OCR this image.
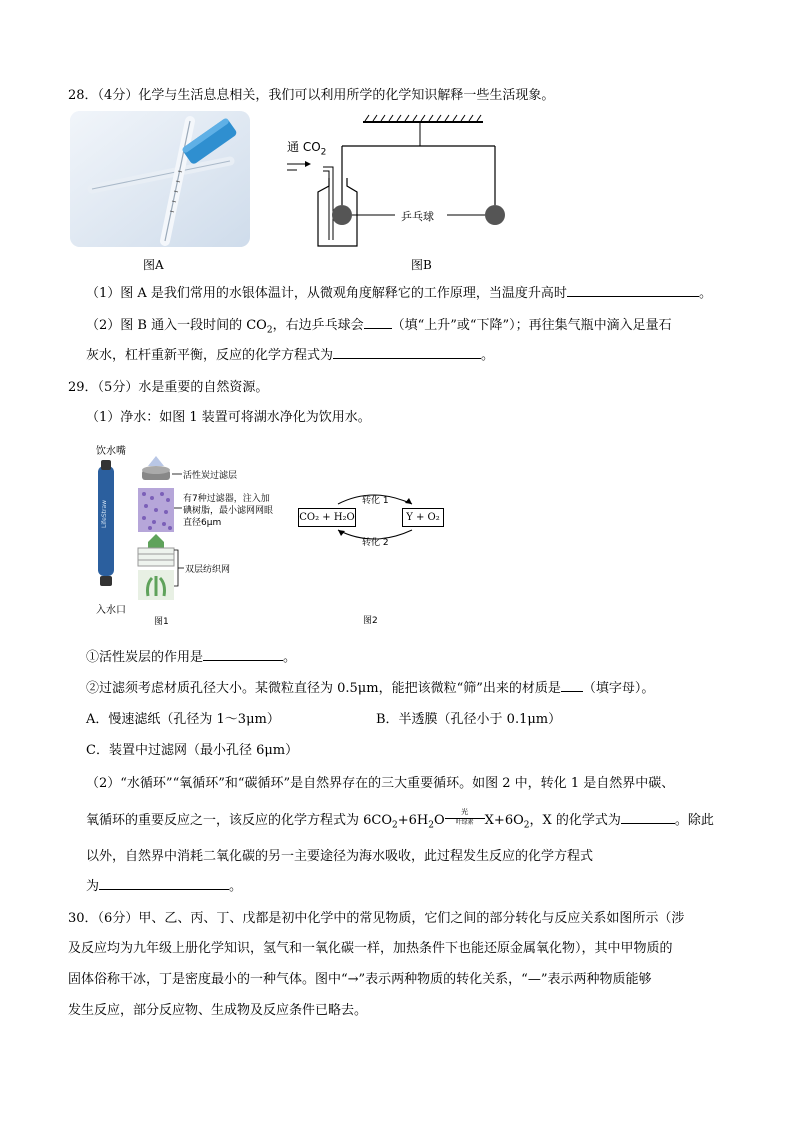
28．（4分）化学与生活息息相关，我们可以利用所学的化学知识解释一些生活现象。
图A
通 $CO_2$
乒乓球
图B
（1）图 A 是我们常用的水银体温计，从微观角度解释它的工作原理，当温度升高时	。
（2）图 B 通入一段时间的 $CO_2$，右边乒乓球会 （填“上升”或“下降”）；再往集气瓶中滴入足量石
灰水，杠杆重新平衡，反应的化学方程式为	。
29．（5分）水是重要的自然资源。
（1）净水：如图 1 装置可将湖水净化为饮用水。
LifeStraw
饮水嘴
入水口
活性炭过滤层
有7种过滤器，注入加
碘树脂，最小滤网网眼
直径6μm
双层纺织网
图1
CO₂ + H₂O	Y + O₂
转化 1
转化 2
图2
①活性炭层的作用是	。
②过滤须考虑材质孔径大小。某微粒直径为 0.5μm，能把该微粒“筛”出来的材质是 （填字母）。
A．慢速滤纸（孔径为 1～3μm）	B．半透膜（孔径小于 0.1μm）
C．装置中过滤网（最小孔径 6μm）
（2）“水循环”“氧循环”和“碳循环”是自然界存在的三大重要循环。如图 2 中，转化 1 是自然界中碳、
氧循环的重要反应之一，该反应的化学方程式为 $6CO_2+6H_2O$
光
叶绿素 $X+6O_2$，X 的化学式为	。除此
以外，自然界中消耗二氧化碳的另一主要途径为海水吸收，此过程发生反应的化学方程式
为	。
30．（6分）甲、乙、丙、丁、戊都是初中化学中的常见物质，它们之间的部分转化与反应关系如图所示（涉
及反应均为九年级上册化学知识，氢气和一氧化碳一样，加热条件下也能还原金属氧化物），其中甲物质的
固体俗称干冰，丁是密度最小的一种气体。图中“→”表示两种物质的转化关系，“—”表示两种物质能够
发生反应，部分反应物、生成物及反应条件已略去。
